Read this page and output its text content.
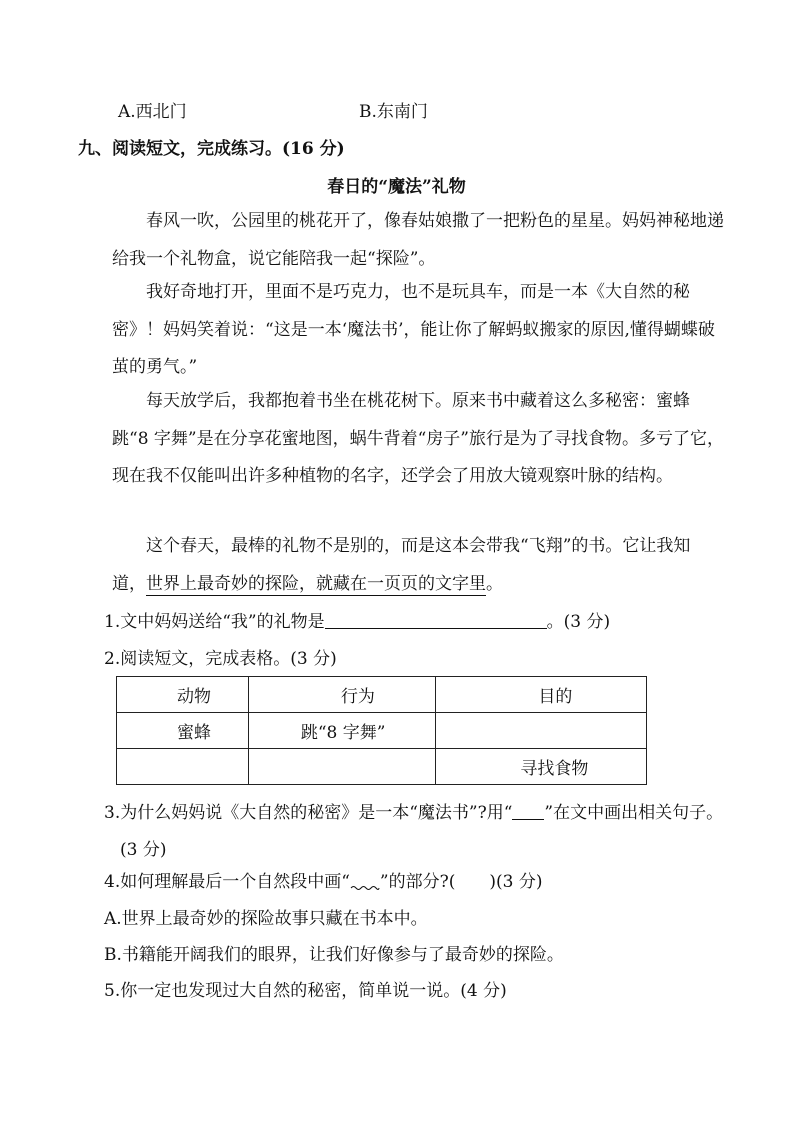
A.西北门	B.东南门
九、阅读短文，完成练习。(16 分)
春日的“魔法”礼物
春风一吹，公园里的桃花开了，像春姑娘撒了一把粉色的星星。妈妈神秘地递给我一个礼物盒，说它能陪我一起“探险”。
我好奇地打开，里面不是巧克力，也不是玩具车，而是一本《大自然的秘密》！妈妈笑着说：“这是一本‘魔法书’，能让你了解蚂蚁搬家的原因,懂得蝴蝶破茧的勇气。”
每天放学后，我都抱着书坐在桃花树下。原来书中藏着这么多秘密：蜜蜂跳“8 字舞”是在分享花蜜地图，蜗牛背着“房子”旅行是为了寻找食物。多亏了它，现在我不仅能叫出许多种植物的名字，还学会了用放大镜观察叶脉的结构。
这个春天，最棒的礼物不是别的，而是这本会带我“飞翔”的书。它让我知道，世界上最奇妙的探险，就藏在一页页的文字里。
1.文中妈妈送给“我”的礼物是	。(3 分)
2.阅读短文，完成表格。(3 分)
动物	行为	目的
蜜蜂	跳“8 字舞”	
		寻找食物
3.为什么妈妈说《大自然的秘密》是一本“魔法书”?用“ ”在文中画出相关句子。(3 分)
4.如何理解最后一个自然段中画“ ”的部分?(　　)(3 分)
A.世界上最奇妙的探险故事只藏在书本中。
B.书籍能开阔我们的眼界，让我们好像参与了最奇妙的探险。
5.你一定也发现过大自然的秘密，简单说一说。(4 分)
